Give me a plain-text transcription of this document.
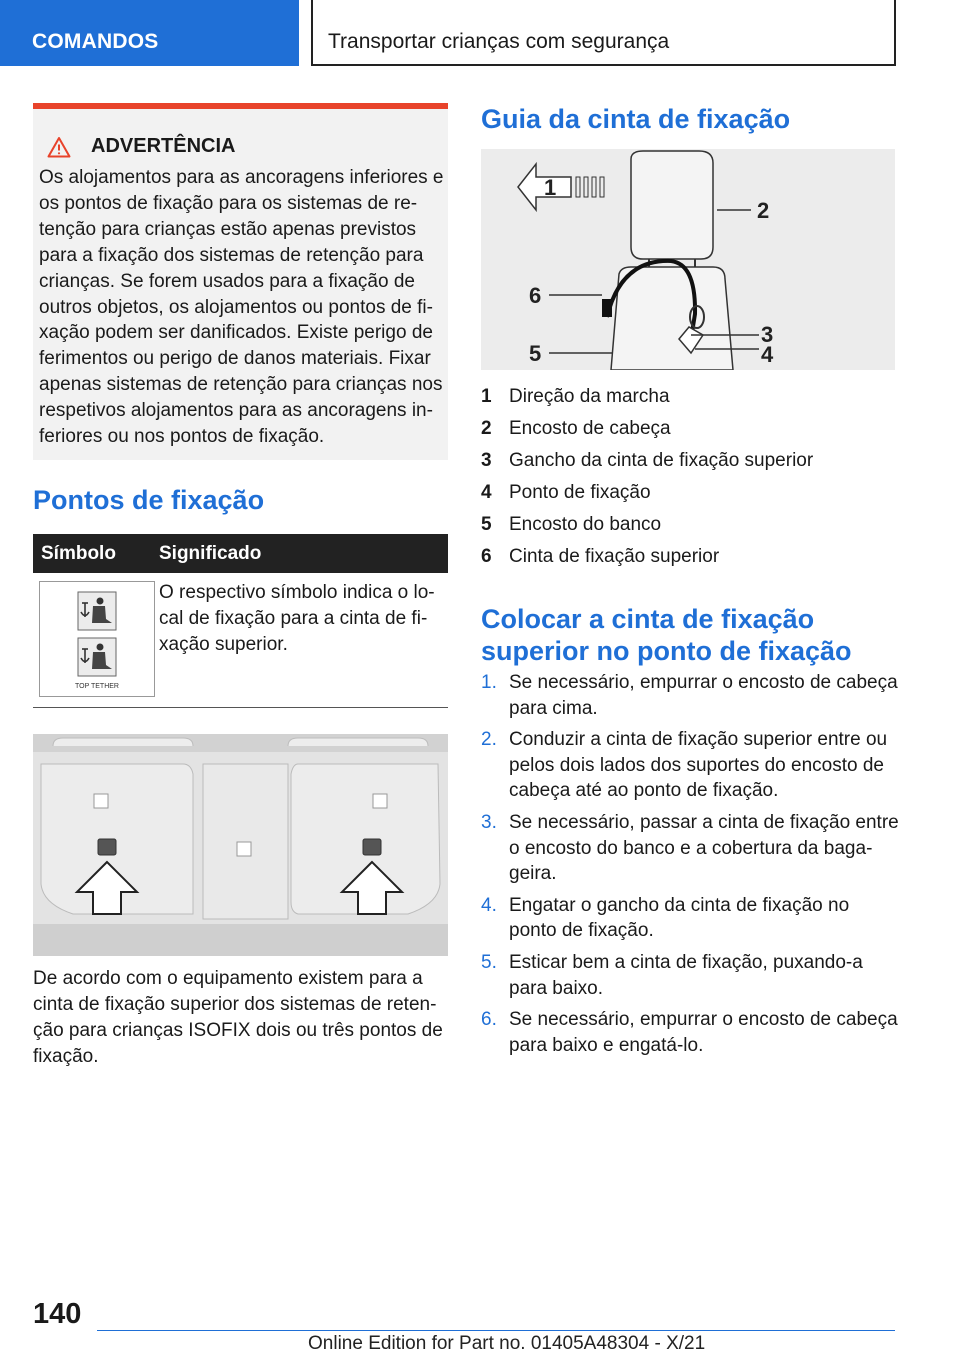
COMANDOS	Transportar crianças com segurança
ADVERTÊNCIA
Os alojamentos para as ancoragens inferiores e os pontos de fixação para os sistemas de retenção para crianças estão apenas previstos para a fixação dos sistemas de retenção para crianças. Se forem usados para a fixação de outros objetos, os alojamentos ou pontos de fixação podem ser danificados. Existe perigo de ferimentos ou perigo de danos materiais. Fixar apenas sistemas de retenção para crianças nos respetivos alojamentos para as ancoragens inferiores ou nos pontos de fixação.
Pontos de fixação
Símbolo	Significado
TOP TETHER
O respectivo símbolo indica o local de fixação para a cinta de fixação superior.
De acordo com o equipamento existem para a cinta de fixação superior dos sistemas de retenção para crianças ISOFIX dois ou três pontos de fixação.
Guia da cinta de fixação
1
2
3
4
5
6
1 Direção da marcha
2 Encosto de cabeça
3 Gancho da cinta de fixação superior
4 Ponto de fixação
5 Encosto do banco
6 Cinta de fixação superior
Colocar a cinta de fixação superior no ponto de fixação
1. Se necessário, empurrar o encosto de cabeça para cima.
2. Conduzir a cinta de fixação superior entre ou pelos dois lados dos suportes do encosto de cabeça até ao ponto de fixação.
3. Se necessário, passar a cinta de fixação entre o encosto do banco e a cobertura da bagageira.
4. Engatar o gancho da cinta de fixação no ponto de fixação.
5. Esticar bem a cinta de fixação, puxando-a para baixo.
6. Se necessário, empurrar o encosto de cabeça para baixo e engatá-lo.
140
Online Edition for Part no. 01405A48304 - X/21
